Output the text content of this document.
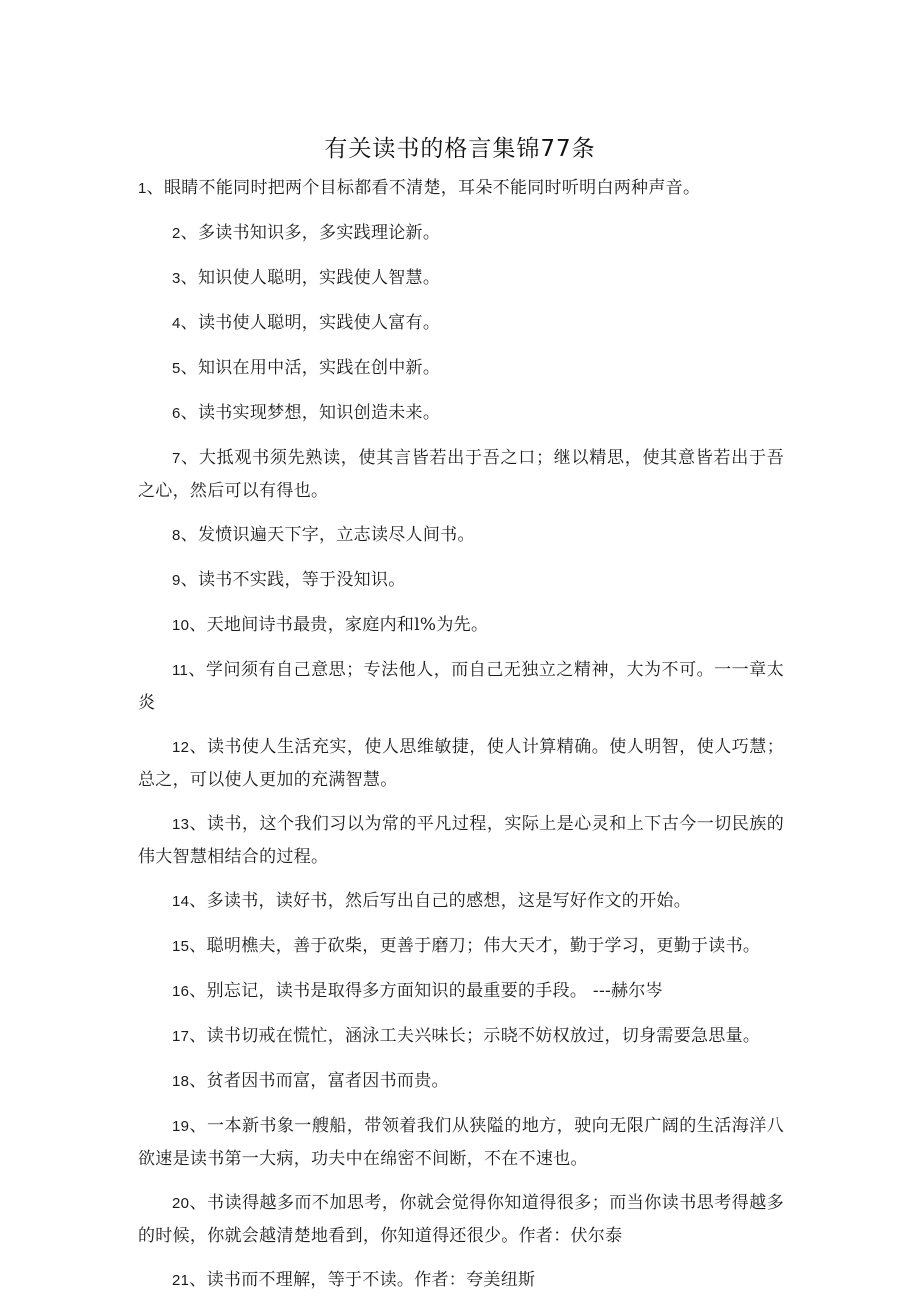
有关读书的格言集锦77条

1、眼睛不能同时把两个目标都看不清楚，耳朵不能同时听明白两种声音。

2、多读书知识多，多实践理论新。

3、知识使人聪明，实践使人智慧。

4、读书使人聪明，实践使人富有。

5、知识在用中活，实践在创中新。

6、读书实现梦想，知识创造未来。

7、大抵观书须先熟读，使其言皆若出于吾之口；继以精思，使其意皆若出于吾之心，然后可以有得也。

8、发愤识遍天下字，立志读尽人间书。

9、读书不实践，等于没知识。

10、天地间诗书最贵，家庭内和l%为先。

11、学问须有自己意思；专法他人，而自己无独立之精神，大为不可。一一章太炎

12、读书使人生活充实，使人思维敏捷，使人计算精确。使人明智，使人巧慧；总之，可以使人更加的充满智慧。

13、读书，这个我们习以为常的平凡过程，实际上是心灵和上下古今一切民族的伟大智慧相结合的过程。

14、多读书，读好书，然后写出自己的感想，这是写好作文的开始。

15、聪明樵夫，善于砍柴，更善于磨刀；伟大天才，勤于学习，更勤于读书。

16、别忘记，读书是取得多方面知识的最重要的手段。 ---赫尔岑

17、读书切戒在慌忙，涵泳工夫兴味长；示晓不妨权放过，切身需要急思量。

18、贫者因书而富，富者因书而贵。

19、一本新书象一艘船，带领着我们从狭隘的地方，驶向无限广阔的生活海洋八欲速是读书第一大病，功夫中在绵密不间断，不在不速也。

20、书读得越多而不加思考，你就会觉得你知道得很多；而当你读书思考得越多的时候，你就会越清楚地看到，你知道得还很少。作者：伏尔泰

21、读书而不理解，等于不读。作者：夸美纽斯
